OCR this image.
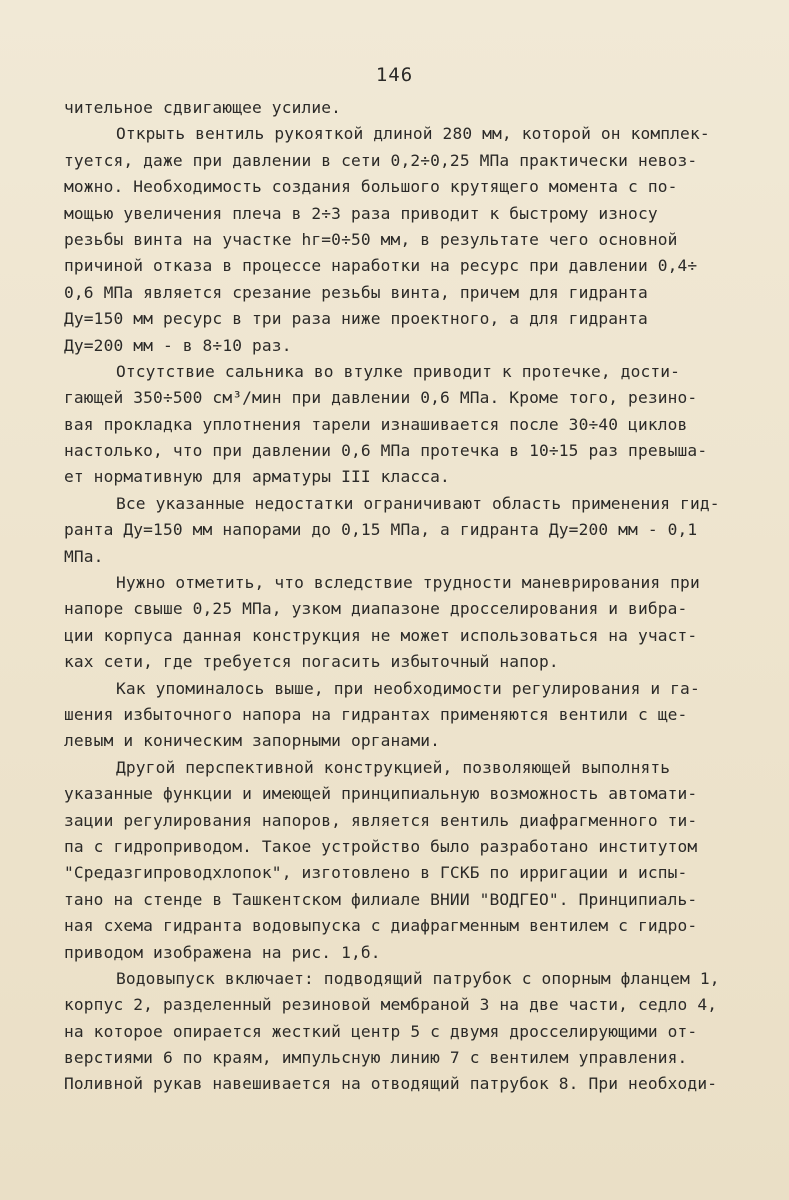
146
чительное сдвигающее усилие.
Открыть вентиль рукояткой длиной 280 мм, которой он комплек-
туется, даже при давлении в сети 0,2÷0,25 МПа практически невоз-
можно. Необходимость создания большого крутящего момента с по-
мощью увеличения плеча в 2÷3 раза приводит к быстрому износу
резьбы винта на участке hг=0÷50 мм, в результате чего основной
причиной отказа в процессе наработки на ресурс при давлении 0,4÷
0,6 МПа является срезание резьбы винта, причем для гидранта
Ду=150 мм ресурс в три раза ниже проектного, а для гидранта
Ду=200 мм - в 8÷10 раз.
Отсутствие сальника во втулке приводит к протечке, дости-
гающей 350÷500 см³/мин при давлении 0,6 МПа. Кроме того, резино-
вая прокладка уплотнения тарели изнашивается после 30÷40 циклов
настолько, что при давлении 0,6 МПа протечка в 10÷15 раз превыша-
ет нормативную для арматуры III класса.
Все указанные недостатки ограничивают область применения гид-
ранта Ду=150 мм напорами до 0,15 МПа, а гидранта Ду=200 мм - 0,1
МПа.
Нужно отметить, что вследствие трудности маневрирования при
напоре свыше 0,25 МПа, узком диапазоне дросселирования и вибра-
ции корпуса данная конструкция не может использоваться на участ-
ках сети, где требуется погасить избыточный напор.
Как упоминалось выше, при необходимости регулирования и га-
шения избыточного напора на гидрантах применяются вентили с ще-
левым и коническим запорными органами.
Другой перспективной конструкцией, позволяющей выполнять
указанные функции и имеющей принципиальную возможность автомати-
зации регулирования напоров, является вентиль диафрагменного ти-
па с гидроприводом. Такое устройство было разработано институтом
"Средазгипроводхлопок", изготовлено в ГСКБ по ирригации и испы-
тано на стенде в Ташкентском филиале ВНИИ "ВОДГЕО". Принципиаль-
ная схема гидранта водовыпуска с диафрагменным вентилем с гидро-
приводом изображена на рис. 1,б.
Водовыпуск включает: подводящий патрубок с опорным фланцем 1,
корпус 2, разделенный резиновой мембраной 3 на две части, седло 4,
на которое опирается жесткий центр 5 с двумя дросселирующими от-
верстиями 6 по краям, импульсную линию 7 с вентилем управления.
Поливной рукав навешивается на отводящий патрубок 8. При необходи-
